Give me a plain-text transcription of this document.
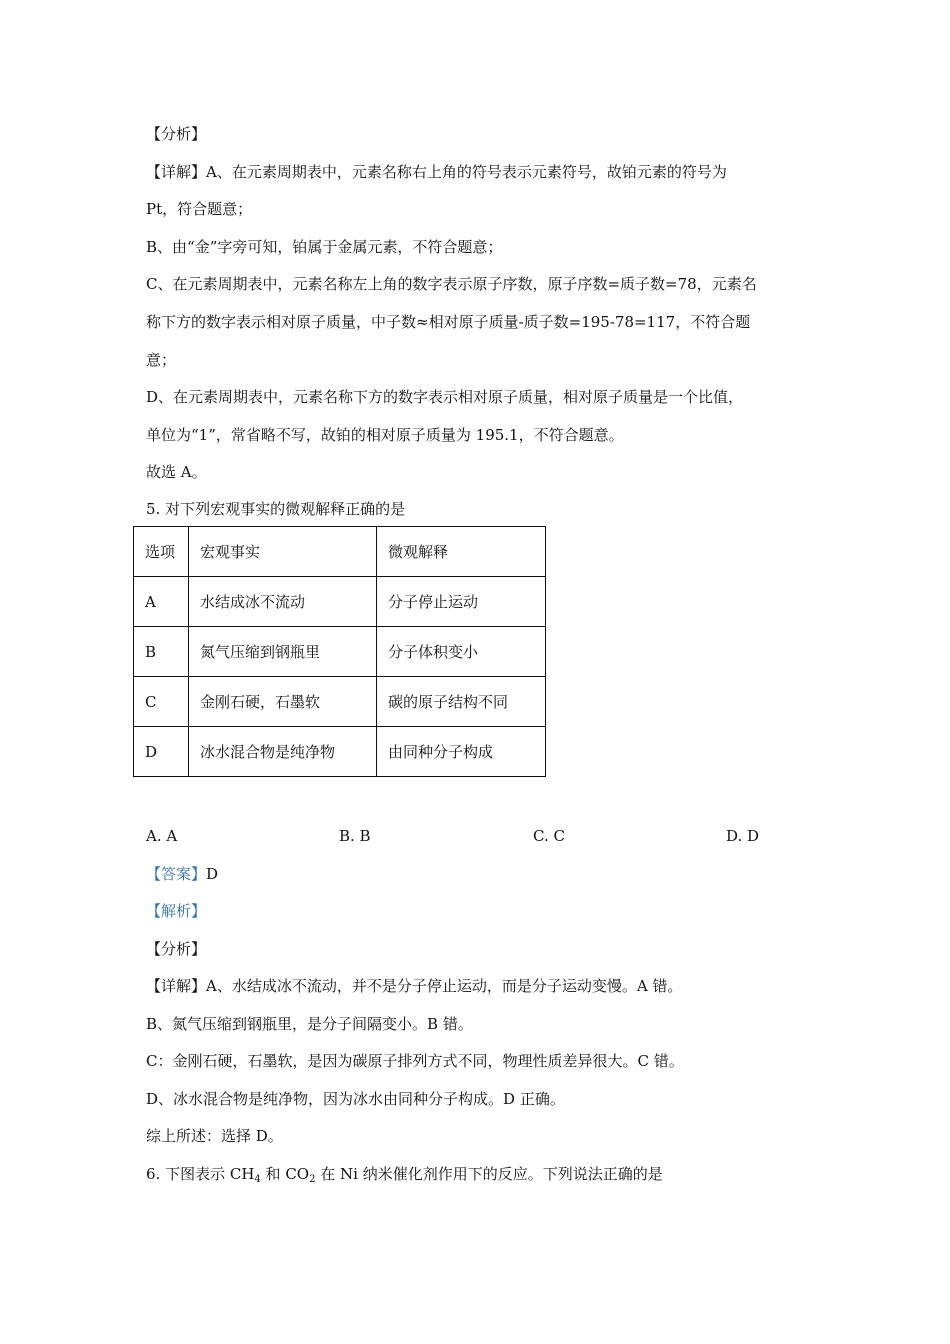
【分析】
【详解】A、在元素周期表中，元素名称右上角的符号表示元素符号，故铂元素的符号为
Pt，符合题意；
B、由“金”字旁可知，铂属于金属元素，不符合题意；
C、在元素周期表中，元素名称左上角的数字表示原子序数，原子序数=质子数=78，元素名
称下方的数字表示相对原子质量，中子数≈相对原子质量-质子数=195-78=117，不符合题
意；
D、在元素周期表中，元素名称下方的数字表示相对原子质量，相对原子质量是一个比值，
单位为“1”，常省略不写，故铂的相对原子质量为 195.1，不符合题意。
故选 A。
5. 对下列宏观事实的微观解释正确的是
选项	宏观事实	微观解释
A	水结成冰不流动	分子停止运动
B	氮气压缩到钢瓶里	分子体积变小
C	金刚石硬，石墨软	碳的原子结构不同
D	冰水混合物是纯净物	由同种分子构成
A. A	B. B	C. C	D. D
【答案】D
【解析】
【分析】
【详解】A、水结成冰不流动，并不是分子停止运动，而是分子运动变慢。A 错。
B、氮气压缩到钢瓶里，是分子间隔变小。B 错。
C：金刚石硬，石墨软，是因为碳原子排列方式不同，物理性质差异很大。C 错。
D、冰水混合物是纯净物，因为冰水由同种分子构成。D 正确。
综上所述：选择 D。
6. 下图表示 $CH_4$ 和 $CO_2$ 在 Ni 纳米催化剂作用下的反应。下列说法正确的是
